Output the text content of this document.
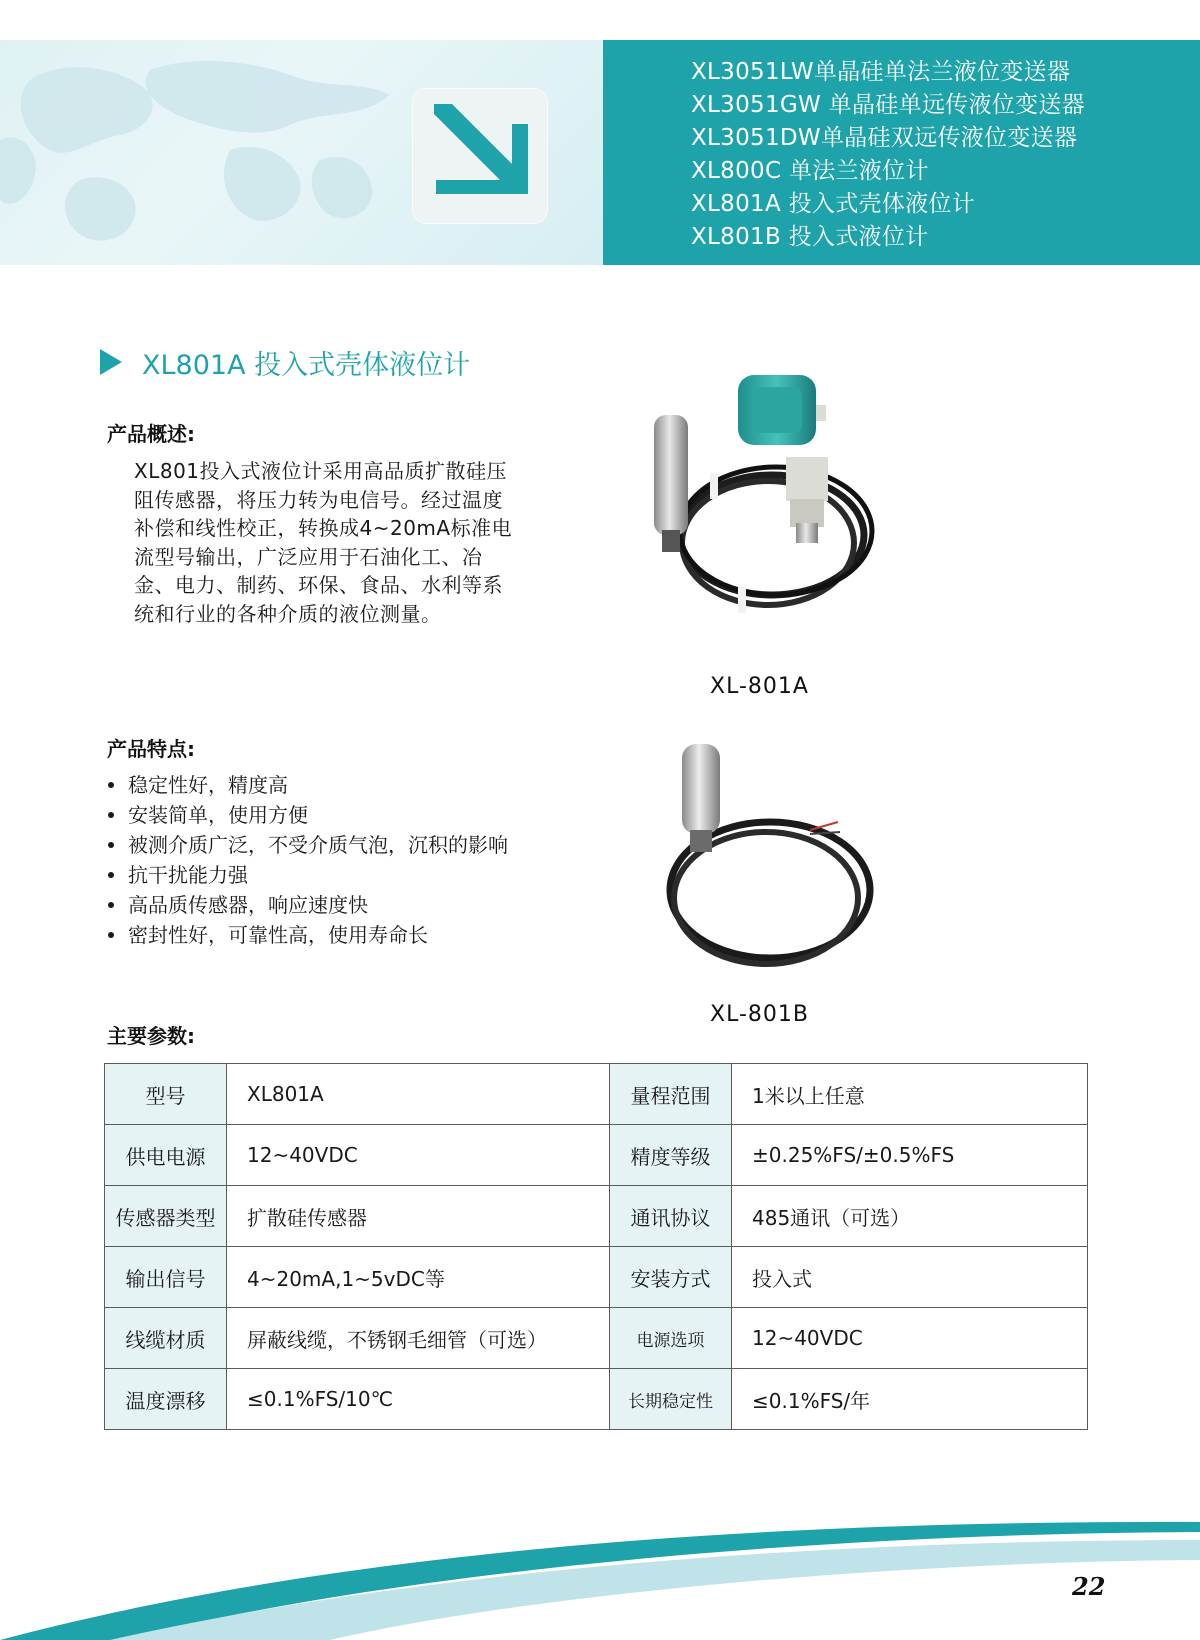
XL3051LW单晶硅单法兰液位变送器
XL3051GW 单晶硅单远传液位变送器
XL3051DW单晶硅双远传液位变送器
XL800C 单法兰液位计
XL801A 投入式壳体液位计
XL801B 投入式液位计
XL801A 投入式壳体液位计
产品概述:
XL801投入式液位计采用高品质扩散硅压
阻传感器，将压力转为电信号。经过温度
补偿和线性校正，转换成4~20mA标准电
流型号输出，广泛应用于石油化工、冶
金、电力、制药、环保、食品、水利等系
统和行业的各种介质的液位测量。
产品特点:
稳定性好，精度高
安装简单，使用方便
被测介质广泛，不受介质气泡，沉积的影响
抗干扰能力强
高品质传感器，响应速度快
密封性好，可靠性高，使用寿命长
XL-801A
XL-801B
主要参数:
型号	XL801A	量程范围	1米以上任意
供电电源	12~40VDC	精度等级	±0.25%FS/±0.5%FS
传感器类型	扩散硅传感器	通讯协议	485通讯（可选）
输出信号	4~20mA,1~5vDC等	安装方式	投入式
线缆材质	屏蔽线缆，不锈钢毛细管（可选）	电源选项	12~40VDC
温度漂移	≤0.1%FS/10℃	长期稳定性	≤0.1%FS/年
22
